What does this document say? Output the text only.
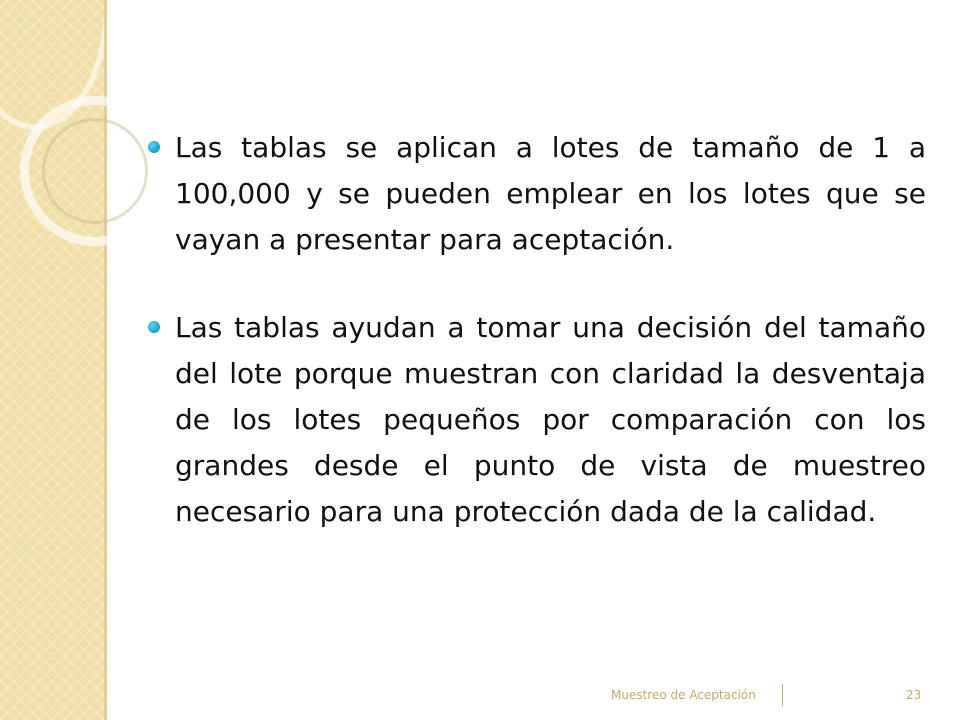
Las tablas se aplican a lotes de tamaño de 1 a 100,000 y se pueden emplear en los lotes que se vayan a presentar para aceptación.
Las tablas ayudan a tomar una decisión del tamaño del lote porque muestran con claridad la desventaja de los lotes pequeños por comparación con los grandes desde el punto de vista de muestreo necesario para una protección dada de la calidad.
Muestreo de Aceptación	23
